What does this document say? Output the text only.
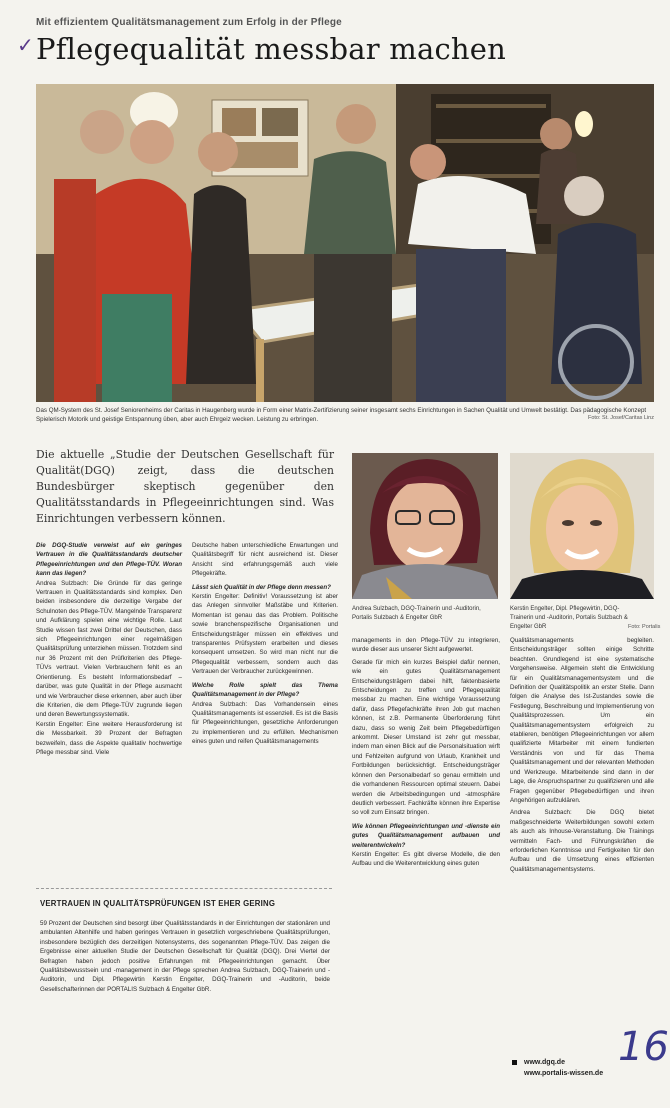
Mit effizientem Qualitätsmanagement zum Erfolg in der Pflege
✓ Pflegequalität messbar machen
Das QM-System des St. Josef Seniorenheims der Caritas in Haugenberg wurde in Form einer Matrix-Zertifizierung seiner insgesamt sechs Einrichtungen in Sachen Qualität und Umwelt bestätigt. Das pädagogische Konzept Spielerisch Motorik und geistige Entspannung üben, aber auch Ehrgeiz wecken. Leistung zu erbringen.	Foto: St. Josef/Caritas Linz
Die aktuelle „Studie der Deutschen Gesellschaft für Qualität(DGQ) zeigt, dass die deutschen Bundesbürger skeptisch gegenüber den Qualitätsstandards in Pflegeeinrichtungen sind. Was Einrichtungen verbessern können.
Andrea Sulzbach, DGQ-Trainerin und -Auditorin, Portalis Sulzbach & Engelter GbR
Kerstin Engelter, Dipl. Pflegewirtin, DGQ-Trainerin und -Auditorin, Portalis Sulzbach & Engelter GbR	Foto: Portalis

Die DGQ-Studie verweist auf ein geringes Vertrauen in die Qualitätsstandards deutscher Pflegeeinrichtungen und den Pflege-TÜV. Woran kann das liegen?

Andrea Sulzbach: Die Gründe für das geringe Vertrauen in Qualitätsstandards sind komplex. Den beiden insbesondere die derzeitige Vergabe der Schulnoten des Pflege-TÜV. Mangelnde Transparenz und Aufklärung spielen eine wichtige Rolle. Laut Studie wissen fast zwei Drittel der Deutschen, dass sich Pflegeeinrichtungen einer regelmäßigen Qualitätsprüfung unterziehen müssen. Trotzdem sind nur 36 Prozent mit den Prüfkriterien des Pflege-TÜVs vertraut. Vielen Verbrauchern fehlt es an Orientierung. Es besteht Informationsbedarf – darüber, was gute Qualität in der Pflege ausmacht und wie Verbraucher diese erkennen, aber auch über die Kriterien, die dem Pflege-TÜV zugrunde liegen und deren Bewertungssystematik.

Kerstin Engelter: Eine weitere Herausforderung ist die Messbarkeit. 39 Prozent der Befragten bezweifeln, dass die Aspekte qualitativ hochwertige Pflege messbar sind. Viele

Deutsche haben unterschiedliche Erwartungen und Qualitätsbegriff für nicht ausreichend ist. Dieser Ansicht sind erfahrungsgemäß auch viele Pflegekräfte.

Lässt sich Qualität in der Pflege denn messen?

Kerstin Engelter: Definitiv! Voraussetzung ist aber das Anlegen sinnvoller Maßstäbe und Kriterien. Momentan ist genau das das Problem. Politische sowie branchenspezifische Organisationen und Entscheidungsträger müssen ein effektives und transparentes Prüfsystem erarbeiten und dieses konsequent umsetzen. So wird man nicht nur die Pflegequalität verbessern, sondern auch das Vertrauen der Verbraucher zurückgewinnen.

Welche Rolle spielt das Thema Qualitätsmanagement in der Pflege?

Andrea Sulzbach: Das Vorhandensein eines Qualitätsmanagements ist essenziell. Es ist die Basis für Pflegeeinrichtungen, gesetzliche Anforderungen zu implementieren und zu erfüllen. Mechanismen eines guten und reifen Qualitätsmanagements

managements in den Pflege-TÜV zu integrieren, wurde dieser aus unserer Sicht aufgewertet.

Gerade für mich ein kurzes Beispiel dafür nennen, wie ein gutes Qualitätsmanagement Entscheidungsträgern dabei hilft, faktenbasierte Entscheidungen zu treffen und Pflegequalität messbar zu machen. Eine wichtige Voraussetzung dafür, dass Pflegefachkräfte ihren Job gut machen können, ist z.B. Permanente Überforderung führt dazu, dass so wenig Zeit beim Pflegebedürftigen ankommt. Dieser Umstand ist zehr gut messbar, indem man einen Blick auf die Personalsituation wirft und Fehlzeiten aufgrund von Urlaub, Krankheit und Fortbildungen berücksichtigt. Entscheidungsträger können den Personalbedarf so genau ermitteln und die vorhandenen Ressourcen optimal steuern. Dabei werden die Arbeitsbedingungen und -atmosphäre deutlich verbessert. Fachkräfte können ihre Expertise so voll zum Einsatz bringen.

Wie können Pflegeeinrichtungen und -dienste ein gutes Qualitätsmanagement aufbauen und weiterentwickeln?

Kerstin Engelter: Es gibt diverse Modelle, die den Aufbau und die Weiterentwicklung eines guten

Qualitätsmanagements begleiten. Entscheidungsträger sollten einige Schritte beachten. Grundlegend ist eine systematische Vorgehensweise. Allgemein steht die Entwicklung für ein Qualitätsmanagementsystem und die Definition der Qualitätspolitik an erster Stelle. Dann folgen die Analyse des Ist-Zustandes sowie die Festlegung, Beschreibung und Implementierung von Qualitätsprozessen. Um ein Qualitätsmanagementsystem erfolgreich zu etablieren, benötigen Pflegeeinrichtungen vor allem qualifizierte Mitarbeiter mit einem fundierten Verständnis von und für das Thema Qualitätsmanagement und der relevanten Methoden und Werkzeuge. Mitarbeitende sind dann in der Lage, die Anspruchspartner zu qualifizieren und alle Fragen gegenüber Pflegebedürftigen und ihren Angehörigen aufzuklären.

Andrea Sulzbach: Die DGQ bietet maßgeschneiderte Weiterbildungen sowohl extern als auch als Inhouse-Veranstaltung. Die Trainings vermitteln Fach- und Führungskräften die erforderlichen Kenntnisse und Fertigkeiten für den Aufbau und die Umsetzung eines effizienten Qualitätsmanagementsystems.

VERTRAUEN IN QUALITÄTSPRÜFUNGEN IST EHER GERING
59 Prozent der Deutschen sind besorgt über Qualitätsstandards in der Einrichtungen der stationären und ambulanten Altenhilfe und haben geringes Vertrauen in gesetzlich vorgeschriebene Qualitätsprüfungen, insbesondere bezüglich des derzeitigen Notensystems, des sogenannten Pflege-TÜV. Das zeigen die Ergebnisse einer aktuellen Studie der Deutschen Gesellschaft für Qualität (DGQ). Drei Viertel der Befragten haben jedoch positive Erfahrungen mit Pflegeeinrichtungen gemacht. Über Qualitätsbewusstsein und -management in der Pflege sprechen Andrea Sulzbach, DGQ-Trainerin und -Auditorin, und Dipl. Pflegewirtin Kerstin Engelter, DGQ-Trainerin und -Auditorin, beide Gesellschafterinnen der PORTALIS Sulzbach & Engelter GbR.
www.dgq.de
www.portalis-wissen.de
16
